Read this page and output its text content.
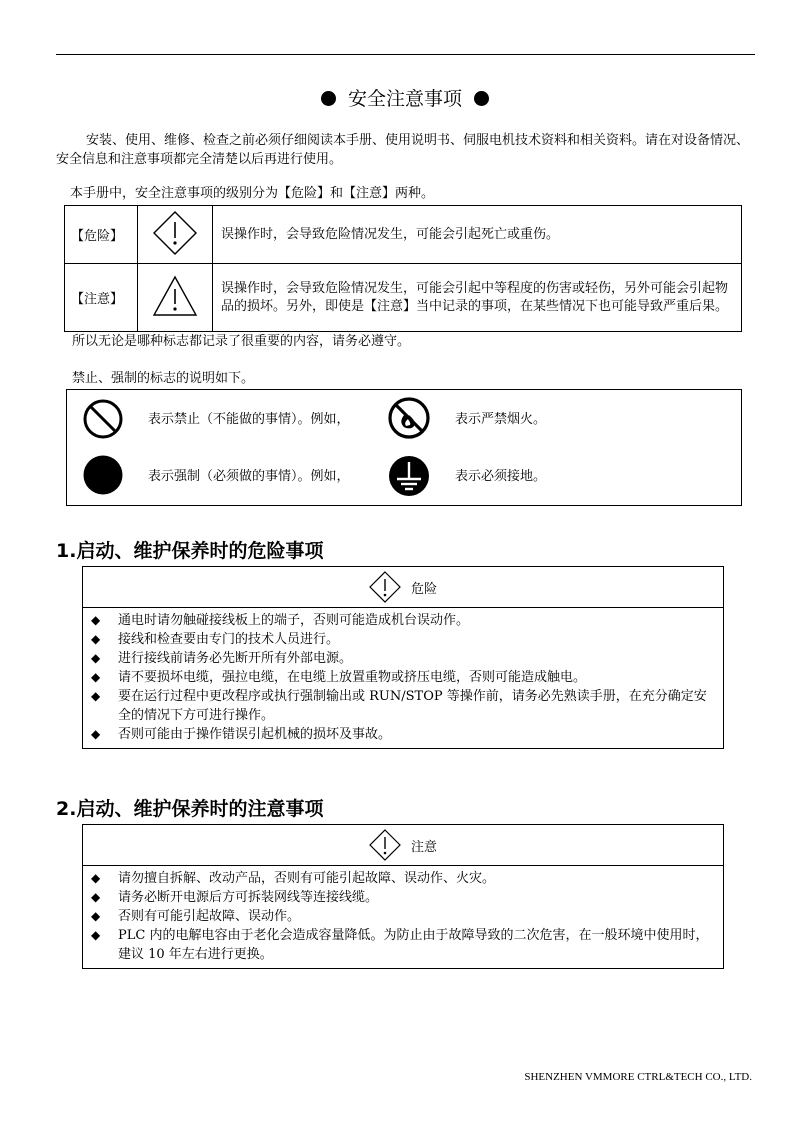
安全注意事项
安装、使用、维修、检查之前必须仔细阅读本手册、使用说明书、伺服电机技术资料和相关资料。请在对设备情况、安全信息和注意事项都完全清楚以后再进行使用。
本手册中，安全注意事项的级别分为【危险】和【注意】两种。
【危险】		误操作时，会导致危险情况发生，可能会引起死亡或重伤。
【注意】		误操作时，会导致危险情况发生，可能会引起中等程度的伤害或轻伤，另外可能会引起物品的损坏。另外，即使是【注意】当中记录的事项，在某些情况下也可能导致严重后果。
所以无论是哪种标志都记录了很重要的内容，请务必遵守。
禁止、强制的标志的说明如下。
表示禁止（不能做的事情）。例如，	表示严禁烟火。
表示强制（必须做的事情）。例如，	表示必须接地。
1.启动、维护保养时的危险事项
危险
◆ 通电时请勿触碰接线板上的端子，否则可能造成机台误动作。
◆ 接线和检查要由专门的技术人员进行。
◆ 进行接线前请务必先断开所有外部电源。
◆ 请不要损坏电缆，强拉电缆，在电缆上放置重物或挤压电缆，否则可能造成触电。
◆ 要在运行过程中更改程序或执行强制输出或 RUN/STOP 等操作前，请务必先熟读手册，在充分确定安全的情况下方可进行操作。
◆ 否则可能由于操作错误引起机械的损坏及事故。
2.启动、维护保养时的注意事项
注意
◆ 请勿擅自拆解、改动产品，否则有可能引起故障、误动作、火灾。
◆ 请务必断开电源后方可拆装网线等连接线缆。
◆ 否则有可能引起故障、误动作。
◆ PLC 内的电解电容由于老化会造成容量降低。为防止由于故障导致的二次危害，在一般环境中使用时，建议 10 年左右进行更换。
SHENZHEN VMMORE CTRL&TECH CO., LTD.
